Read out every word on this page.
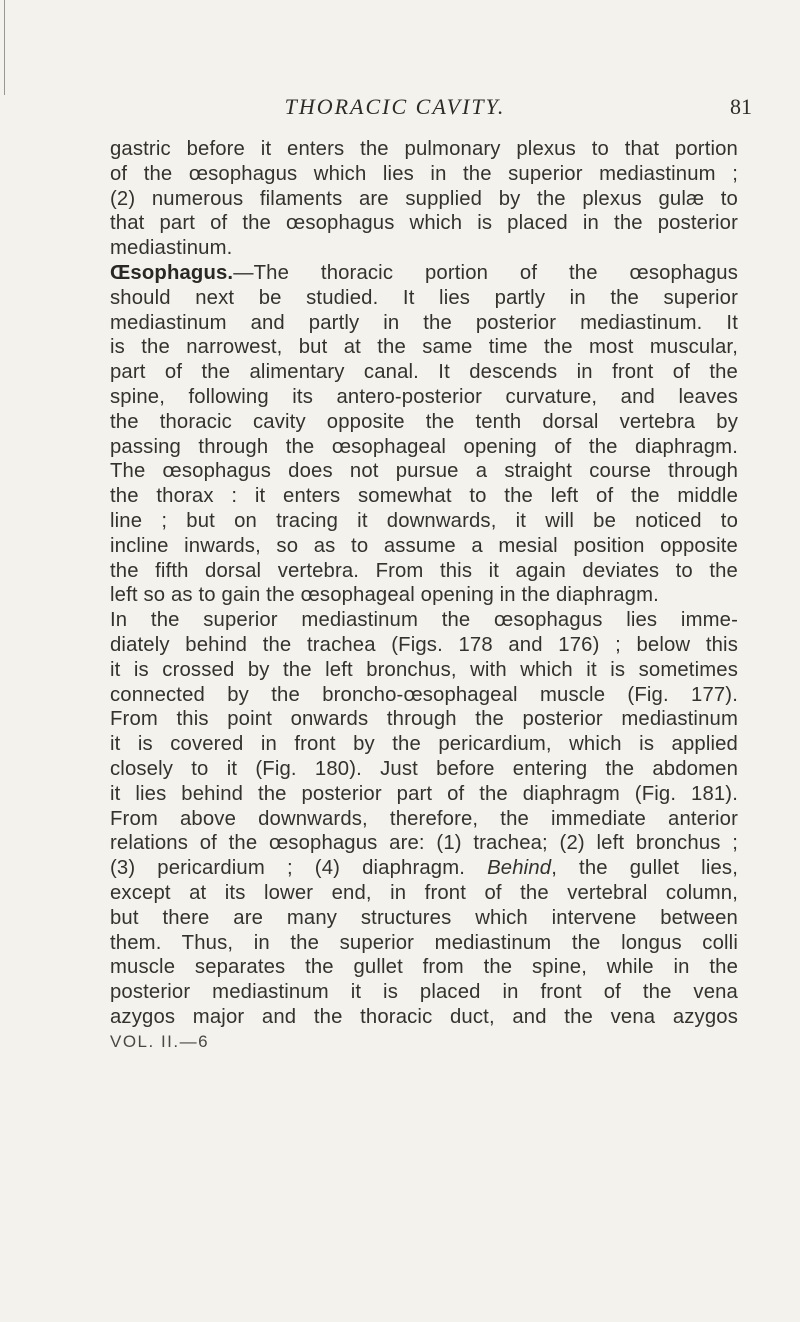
THORACIC CAVITY.	81
gastric before it enters the pulmonary plexus to that portion
of the œsophagus which lies in the superior mediastinum ;
(2) numerous filaments are supplied by the plexus gulæ to
that part of the œsophagus which is placed in the posterior
mediastinum.
Œsophagus.—The thoracic portion of the œsophagus
should next be studied. It lies partly in the superior
mediastinum and partly in the posterior mediastinum. It
is the narrowest, but at the same time the most muscular,
part of the alimentary canal. It descends in front of the
spine, following its antero-posterior curvature, and leaves
the thoracic cavity opposite the tenth dorsal vertebra by
passing through the œsophageal opening of the diaphragm.
The œsophagus does not pursue a straight course through
the thorax : it enters somewhat to the left of the middle
line ; but on tracing it downwards, it will be noticed to
incline inwards, so as to assume a mesial position opposite
the fifth dorsal vertebra. From this it again deviates to the
left so as to gain the œsophageal opening in the diaphragm.
In the superior mediastinum the œsophagus lies imme-
diately behind the trachea (Figs. 178 and 176) ; below this
it is crossed by the left bronchus, with which it is sometimes
connected by the broncho-œsophageal muscle (Fig. 177).
From this point onwards through the posterior mediastinum
it is covered in front by the pericardium, which is applied
closely to it (Fig. 180). Just before entering the abdomen
it lies behind the posterior part of the diaphragm (Fig. 181).
From above downwards, therefore, the immediate anterior
relations of the œsophagus are: (1) trachea; (2) left bronchus ;
(3) pericardium ; (4) diaphragm. Behind, the gullet lies,
except at its lower end, in front of the vertebral column,
but there are many structures which intervene between
them. Thus, in the superior mediastinum the longus colli
muscle separates the gullet from the spine, while in the
posterior mediastinum it is placed in front of the vena
azygos major and the thoracic duct, and the vena azygos
VOL. II.—6
